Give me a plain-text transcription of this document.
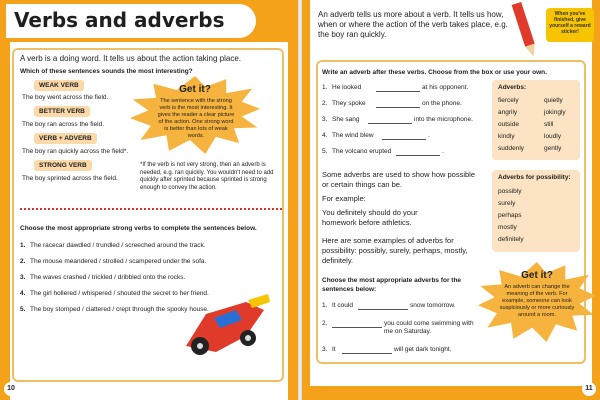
Verbs and adverbs
A verb is a doing word. It tells us about the action taking place.
Which of these sentences sounds the most interesting?
WEAK VERB
The boy went across the field.
BETTER VERB
The boy ran across the field.
VERB + ADVERB
The boy ran quickly across the field*.
STRONG VERB
The boy sprinted across the field.
Get it?
The sentence with the strong verb is the most interesting. It gives the reader a clear picture of the action. One strong word is better than lots of weak words.
*If the verb is not very strong, then an adverb is needed, e.g. ran quickly. You wouldn't need to add quickly after sprinted because sprinted is strong enough to convey the action.
Choose the most appropriate strong verbs to complete the sentences below.
1. The racecar dawdled / trundled / screeched around the track.
2. The mouse meandered / strolled / scampered under the sofa.
3. The waves crashed / trickled / dribbled onto the rocks.
4. The girl hollered / whispered / shouted the secret to her friend.
5. The boy stomped / clattered / crept through the spooky house.
10
An adverb tells us more about a verb. It tells us how, when or where the action of the verb takes place, e.g. the boy ran quickly.
When you've finished, give yourself a reward sticker!
Write an adverb after these verbs. Choose from the box or use your own.
1. He looked	at his opponent.
2. They spoke	on the phone.
3. She sang	into the microphone.
4. The wind blew	.
5. The volcano erupted	.
Adverbs:
fiercely
angrily
outside
kindly
suddenly
quietly
jokingly
still
loudly
gently
Some adverbs are used to show how possible or certain things can be.
For example:
You definitely should do your homework before athletics.
Here are some examples of adverbs for possibility: possibly, surely, perhaps, mostly, definitely.
Adverbs for possibility:
possibly
surely
perhaps
mostly
definitely
Choose the most appropriate adverbs for the sentences below:
1. It could	snow tomorrow.
2.	you could come swimming with me on Saturday.
3. It	will get dark tonight.
Get it?
An adverb can change the meaning of the verb. For example, someone can look suspiciously or more curiously around a room.
11
